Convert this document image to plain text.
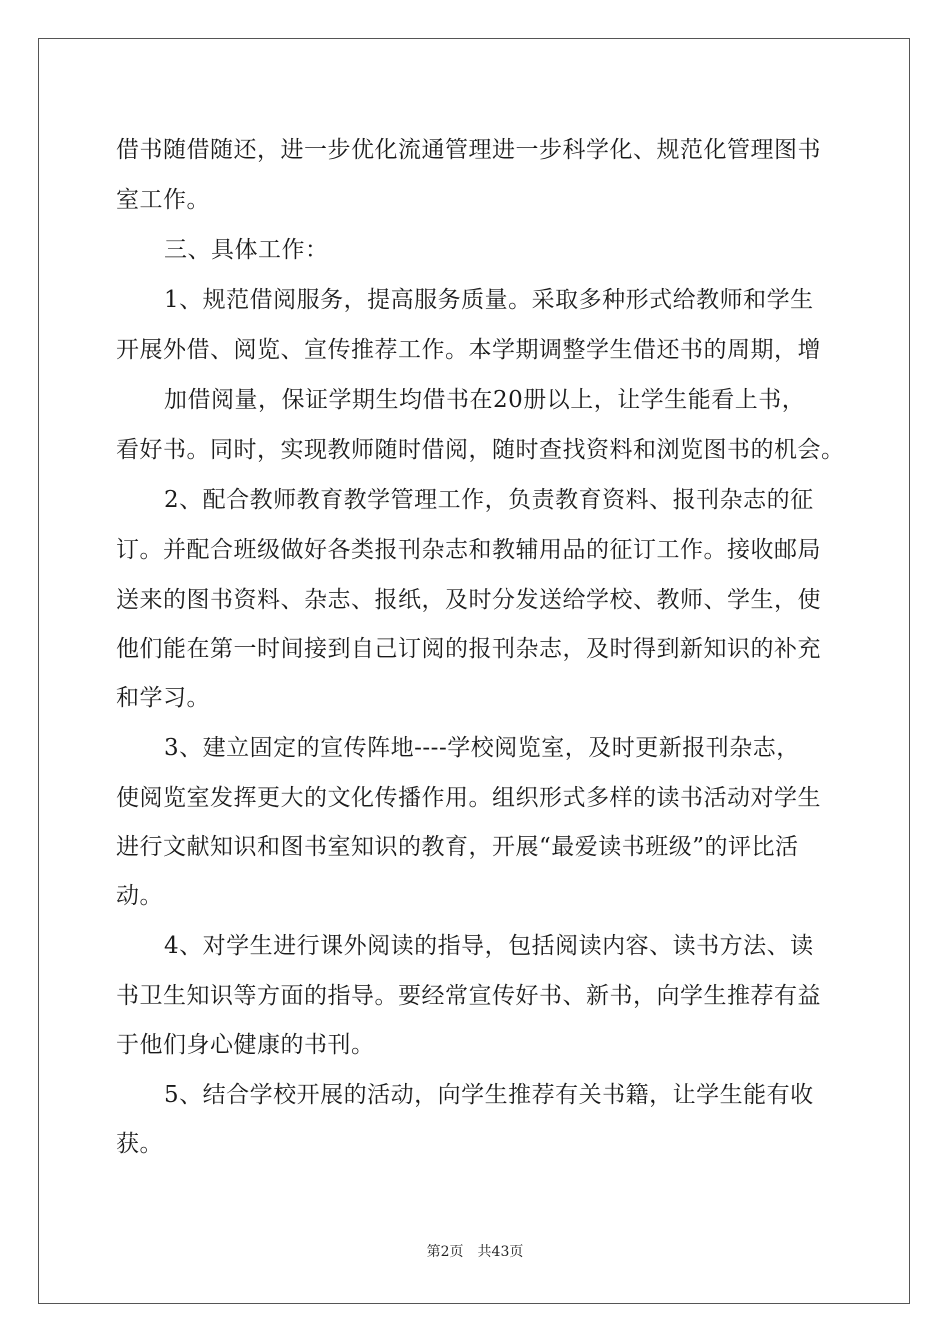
借书随借随还，进一步优化流通管理进一步科学化、规范化管理图书
室工作。
三、具体工作：
1、规范借阅服务，提高服务质量。采取多种形式给教师和学生
开展外借、阅览、宣传推荐工作。本学期调整学生借还书的周期，增
加借阅量，保证学期生均借书在20册以上，让学生能看上书，
看好书。同时，实现教师随时借阅，随时查找资料和浏览图书的机会。
2、配合教师教育教学管理工作，负责教育资料、报刊杂志的征
订。并配合班级做好各类报刊杂志和教辅用品的征订工作。接收邮局
送来的图书资料、杂志、报纸，及时分发送给学校、教师、学生，使
他们能在第一时间接到自己订阅的报刊杂志，及时得到新知识的补充
和学习。
3、建立固定的宣传阵地----学校阅览室，及时更新报刊杂志，
使阅览室发挥更大的文化传播作用。组织形式多样的读书活动对学生
进行文献知识和图书室知识的教育，开展“最爱读书班级”的评比活
动。
4、对学生进行课外阅读的指导，包括阅读内容、读书方法、读
书卫生知识等方面的指导。要经常宣传好书、新书，向学生推荐有益
于他们身心健康的书刊。
5、结合学校开展的活动，向学生推荐有关书籍，让学生能有收
获。
第2页 共43页
